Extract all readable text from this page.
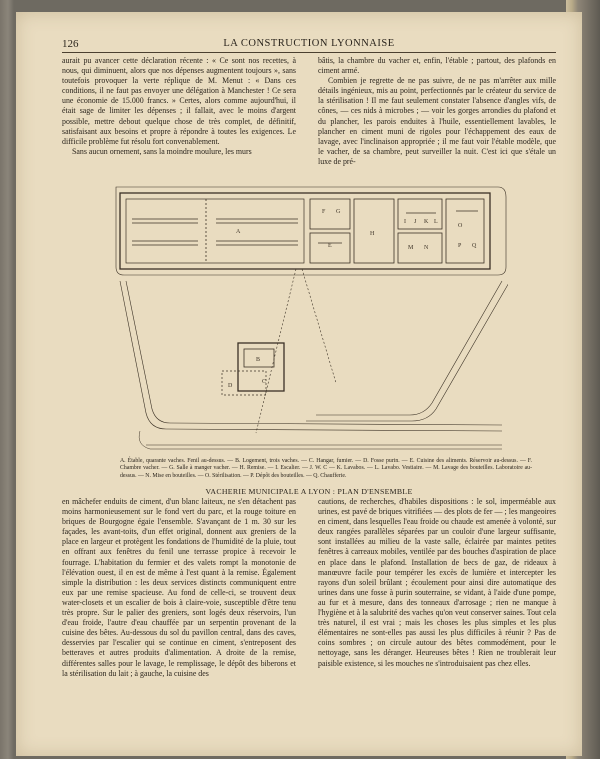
126	LA CONSTRUCTION LYONNAISE

aurait pu avancer cette déclaration récente : « Ce sont nos recettes, à nous, qui diminuent, alors que nos dépenses augmentent toujours », sans toutefois provoquer la verte réplique de M. Menut : « Dans ces conditions, il ne faut pas envoyer une délégation à Manchester ! Ce sera une économie de 15.000 francs. » Certes, alors comme aujourd'hui, il était sage de limiter les dépenses ; il fallait, avec le moins d'argent possible, mettre debout quelque chose de très complet, de définitif, satisfaisant aux besoins et propre à répondre à toutes les exigences. Le difficile problème fut résolu fort convenablement.

Sans aucun ornement, sans la moindre moulure, les murs

bâtis, la chambre du vacher et, enfin, l'étable ; partout, des plafonds en ciment armé.

Combien je regrette de ne pas suivre, de ne pas m'arrêter aux mille détails ingénieux, mis au point, perfectionnés par le créateur du service de la stérilisation ! Il me faut seulement constater l'absence d'angles vifs, de cônes, — ces nids à microbes ; — voir les gorges arrondies du plafond et du plancher, les parois enduites à l'huile, essentiellement lavables, le plancher en ciment muni de rigoles pour l'échappement des eaux de lavage, avec l'inclinaison appropriée ; il me faut voir l'étable modèle, que le vacher, de sa chambre, peut surveiller la nuit. C'est ici que s'étale un luxe de pré-

A
B
C
D
E
F G
H
I J K L
M N
O
P Q
A. Étable, quarante vaches. Fenil au-dessus. — B. Logement, trois vaches. — C. Hangar, fumier. — D. Fosse purin. — E. Cuisine des aliments. Réservoir au-dessus. — F. Chambre vacher. — G. Salle à manger vacher. — H. Remise. — I. Escalier. — J. W. C — K. Lavabos. — L. Lavabo. Vestiaire. — M. Lavage des bouteilles. Laboratoire au-dessus. — N. Mise en bouteilles. — O. Stérilisation. — P. Dépôt des bouteilles. — Q. Chaufferie.
VACHERIE MUNICIPALE A LYON : PLAN D'ENSEMBLE

en mâchefer enduits de ciment, d'un blanc laiteux, ne s'en détachent pas moins harmonieusement sur le fond vert du parc, et la rouge toiture en briques de Bourgogne égaie l'ensemble. S'avançant de 1 m. 30 sur les façades, les avant-toits, d'un effet original, donnent aux greniers de la place en largeur et protègent les fondations de l'humidité de la pluie, tout en offrant aux fenêtres du fenil une terrasse propice à recevoir le fourrage. L'habitation du fermier et des valets rompt la monotonie de l'élévation ouest, il en est de même à l'est quant à la remise. Également simple la distribution : les deux services distincts communiquent entre eux par une remise spacieuse. Au fond de celle-ci, se trouvent deux water-closets et un escalier de bois à claire-voie, susceptible d'être tenu très propre. Sur le palier des greniers, sont logés deux réservoirs, l'un d'eau froide, l'autre d'eau chauffée par un serpentin provenant de la cuisine des bêtes. Au-dessous du sol du pavillon central, dans des caves, desservies par l'escalier qui se continue en ciment, s'entreposent des betteraves et autres produits d'alimentation. A droite de la remise, différentes salles pour le lavage, le remplissage, le dépôt des biberons et la stérilisation du lait ; à gauche, la cuisine des

cautions, de recherches, d'habiles dispositions : le sol, imperméable aux urines, est pavé de briques vitrifiées — des plots de fer — ; les mangeoires en ciment, dans lesquelles l'eau froide ou chaude est amenée à volonté, sur deux rangées parallèles séparées par un couloir d'une largeur suffisante, sont installées au milieu de la vaste salle, éclairée par maintes petites fenêtres à carreaux mobiles, ventilée par des bouches d'aspiration de place en place dans le plafond. Installation de becs de gaz, de rideaux à manœuvre facile pour tempérer les excès de lumière et intercepter les rayons d'un soleil brûlant ; écoulement pour ainsi dire automatique des urines dans une fosse à purin souterraine, se vidant, à l'aide d'une pompe, au fur et à mesure, dans des tonneaux d'arrosage ; rien ne manque à l'hygiène et à la salubrité des vaches qu'on veut conserver saines. Tout cela très naturel, il est vrai ; mais les choses les plus simples et les plus élémentaires ne sont-elles pas aussi les plus difficiles à réunir ? Pas de coins sombres ; on circule autour des bêtes commodément, pour le nettoyage, sans les déranger. Heureuses bêtes ! Rien ne troublerait leur paisible existence, si les mouches ne s'introduisaient pas chez elles.
